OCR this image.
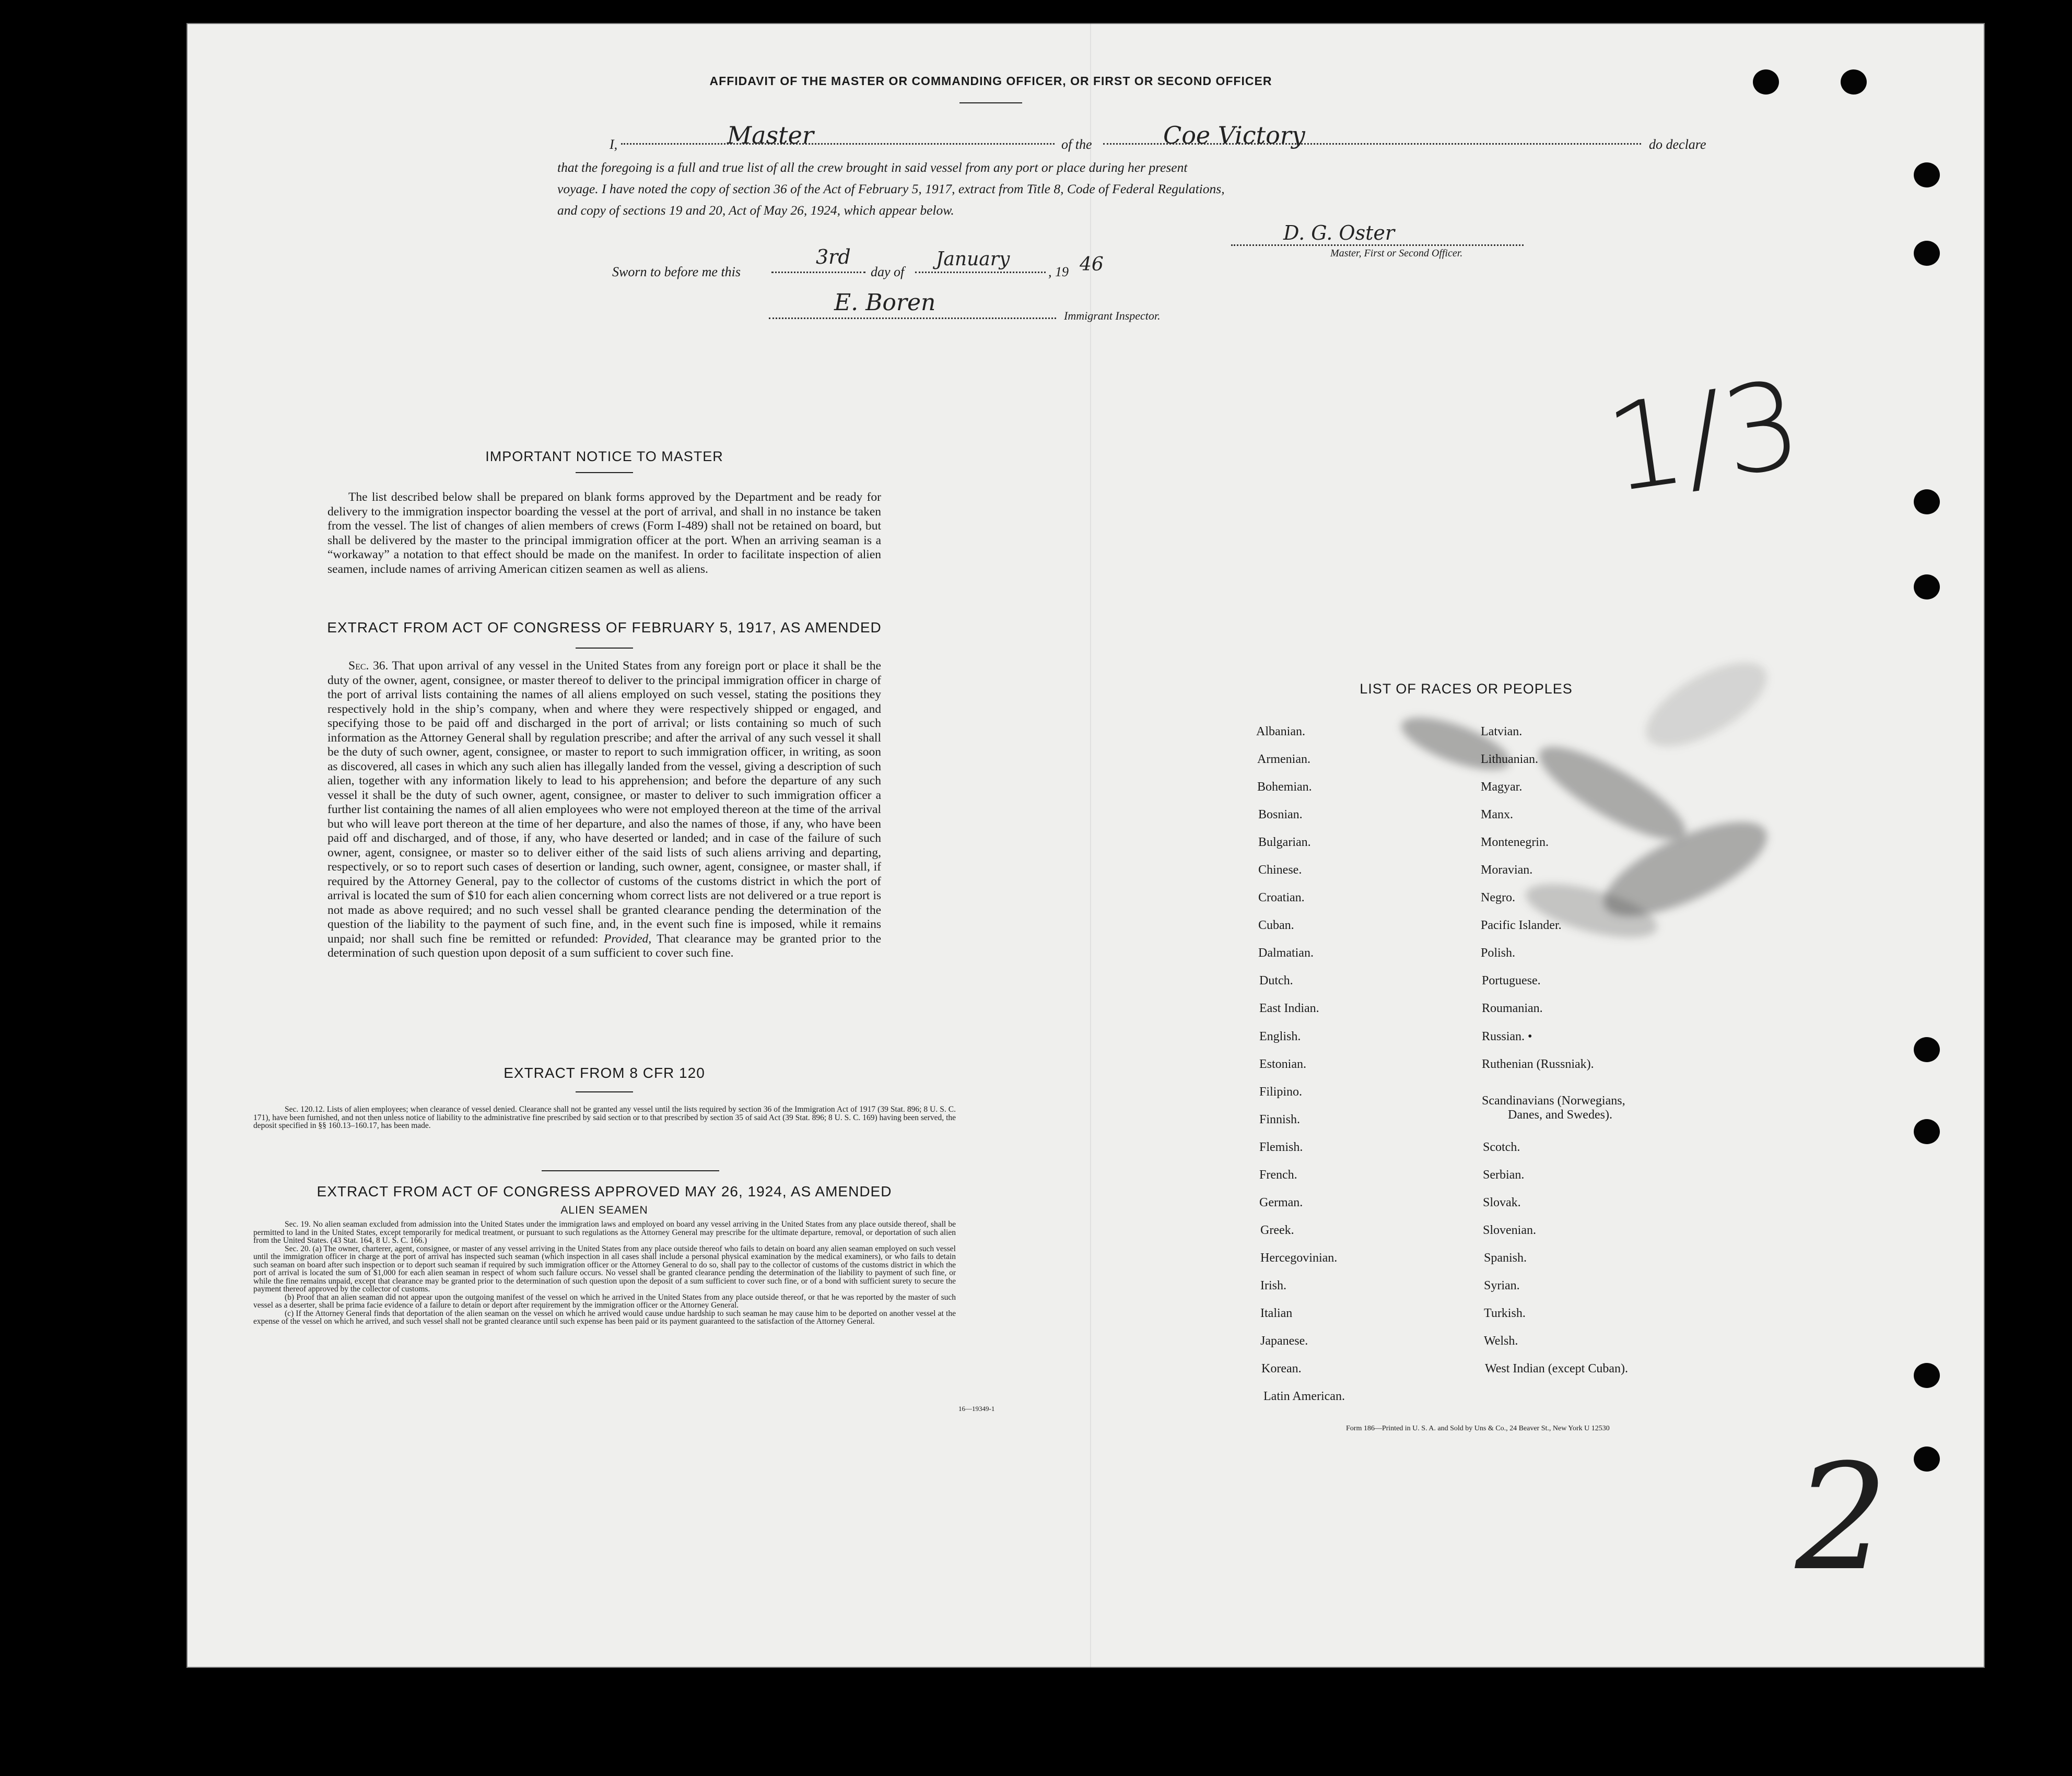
AFFIDAVIT OF THE MASTER OR COMMANDING OFFICER, OR FIRST OR SECOND OFFICER
I,	Master	of the	Coe Victory	do declare
that the foregoing is a full and true list of all the crew brought in said vessel from any port or place during her present
voyage. I have noted the copy of section 36 of the Act of February 5, 1917, extract from Title 8, Code of Federal Regulations,
and copy of sections 19 and 20, Act of May 26, 1924, which appear below.
D. G. Oster
Master, First or Second Officer.
Sworn to before me this
3rd
day of
January
, 19 46
E. Boren	Immigrant Inspector.
1/3
2
IMPORTANT NOTICE TO MASTER
The list described below shall be prepared on blank forms approved by the Department and be ready for delivery to the immigration inspector boarding the vessel at the port of arrival, and shall in no instance be taken from the vessel. The list of changes of alien members of crews (Form I-489) shall not be retained on board, but shall be delivered by the master to the principal immigration officer at the port. When an arriving seaman is a “workaway” a notation to that effect should be made on the manifest. In order to facilitate inspection of alien seamen, include names of arriving American citizen seamen as well as aliens.
EXTRACT FROM ACT OF CONGRESS OF FEBRUARY 5, 1917, AS AMENDED
Sec. 36. That upon arrival of any vessel in the United States from any foreign port or place it shall be the duty of the owner, agent, consignee, or master thereof to deliver to the principal immigration officer in charge of the port of arrival lists containing the names of all aliens employed on such vessel, stating the positions they respectively hold in the ship’s company, when and where they were respectively shipped or engaged, and specifying those to be paid off and discharged in the port of arrival; or lists containing so much of such information as the Attorney General shall by regulation prescribe; and after the arrival of any such vessel it shall be the duty of such owner, agent, consignee, or master to report to such immigration officer, in writing, as soon as discovered, all cases in which any such alien has illegally landed from the vessel, giving a description of such alien, together with any information likely to lead to his apprehension; and before the departure of any such vessel it shall be the duty of such owner, agent, consignee, or master to deliver to such immigration officer a further list containing the names of all alien employees who were not employed thereon at the time of the arrival but who will leave port thereon at the time of her departure, and also the names of those, if any, who have been paid off and discharged, and of those, if any, who have deserted or landed; and in case of the failure of such owner, agent, consignee, or master so to deliver either of the said lists of such aliens arriving and departing, respectively, or so to report such cases of desertion or landing, such owner, agent, consignee, or master shall, if required by the Attorney General, pay to the collector of customs of the customs district in which the port of arrival is located the sum of $10 for each alien concerning whom correct lists are not delivered or a true report is not made as above required; and no such vessel shall be granted clearance pending the determination of the question of the liability to the payment of such fine, and, in the event such fine is imposed, while it remains unpaid; nor shall such fine be remitted or refunded: Provided, That clearance may be granted prior to the determination of such question upon deposit of a sum sufficient to cover such fine.
EXTRACT FROM 8 CFR 120
Sec. 120.12. Lists of alien employees; when clearance of vessel denied. Clearance shall not be granted any vessel until the lists required by section 36 of the Immigration Act of 1917 (39 Stat. 896; 8 U. S. C. 171), have been furnished, and not then unless notice of liability to the administrative fine prescribed by said section or to that prescribed by section 35 of said Act (39 Stat. 896; 8 U. S. C. 169) having been served, the deposit specified in §§ 160.13–160.17, has been made.
EXTRACT FROM ACT OF CONGRESS APPROVED MAY 26, 1924, AS AMENDED
ALIEN SEAMEN
Sec. 19. No alien seaman excluded from admission into the United States under the immigration laws and employed on board any vessel arriving in the United States from any place outside thereof, shall be permitted to land in the United States, except temporarily for medical treatment, or pursuant to such regulations as the Attorney General may prescribe for the ultimate departure, removal, or deportation of such alien from the United States. (43 Stat. 164, 8 U. S. C. 166.)
Sec. 20. (a) The owner, charterer, agent, consignee, or master of any vessel arriving in the United States from any place outside thereof who fails to detain on board any alien seaman employed on such vessel until the immigration officer in charge at the port of arrival has inspected such seaman (which inspection in all cases shall include a personal physical examination by the medical examiners), or who fails to detain such seaman on board after such inspection or to deport such seaman if required by such immigration officer or the Attorney General to do so, shall pay to the collector of customs of the customs district in which the port of arrival is located the sum of $1,000 for each alien seaman in respect of whom such failure occurs. No vessel shall be granted clearance pending the determination of the liability to payment of such fine, or while the fine remains unpaid, except that clearance may be granted prior to the determination of such question upon the deposit of a sum sufficient to cover such fine, or of a bond with sufficient surety to secure the payment thereof approved by the collector of customs.
(b) Proof that an alien seaman did not appear upon the outgoing manifest of the vessel on which he arrived in the United States from any place outside thereof, or that he was reported by the master of such vessel as a deserter, shall be prima facie evidence of a failure to detain or deport after requirement by the immigration officer or the Attorney General.
(c) If the Attorney General finds that deportation of the alien seaman on the vessel on which he arrived would cause undue hardship to such seaman he may cause him to be deported on another vessel at the expense of the vessel on which he arrived, and such vessel shall not be granted clearance until such expense has been paid or its payment guaranteed to the satisfaction of the Attorney General.
16—19349-1
LIST OF RACES OR PEOPLES
Albanian.
Armenian.
Bohemian.
Bosnian.
Bulgarian.
Chinese.
Croatian.
Cuban.
Dalmatian.
Dutch.
East Indian.
English.
Estonian.
Filipino.
Finnish.
Flemish.
French.
German.
Greek.
Hercegovinian.
Irish.
Italian
Japanese.
Korean.
Latin American.
Latvian.
Lithuanian.
Magyar.
Manx.
Montenegrin.
Moravian.
Negro.
Pacific Islander.
Polish.
Portuguese.
Roumanian.
Russian. •
Ruthenian (Russniak).
Scandinavians (Norwegians,
Danes, and Swedes).
Scotch.
Serbian.
Slovak.
Slovenian.
Spanish.
Syrian.
Turkish.
Welsh.
West Indian (except Cuban).
Form 186—Printed in U. S. A. and Sold by Uns & Co., 24 Beaver St., New York U 12530
